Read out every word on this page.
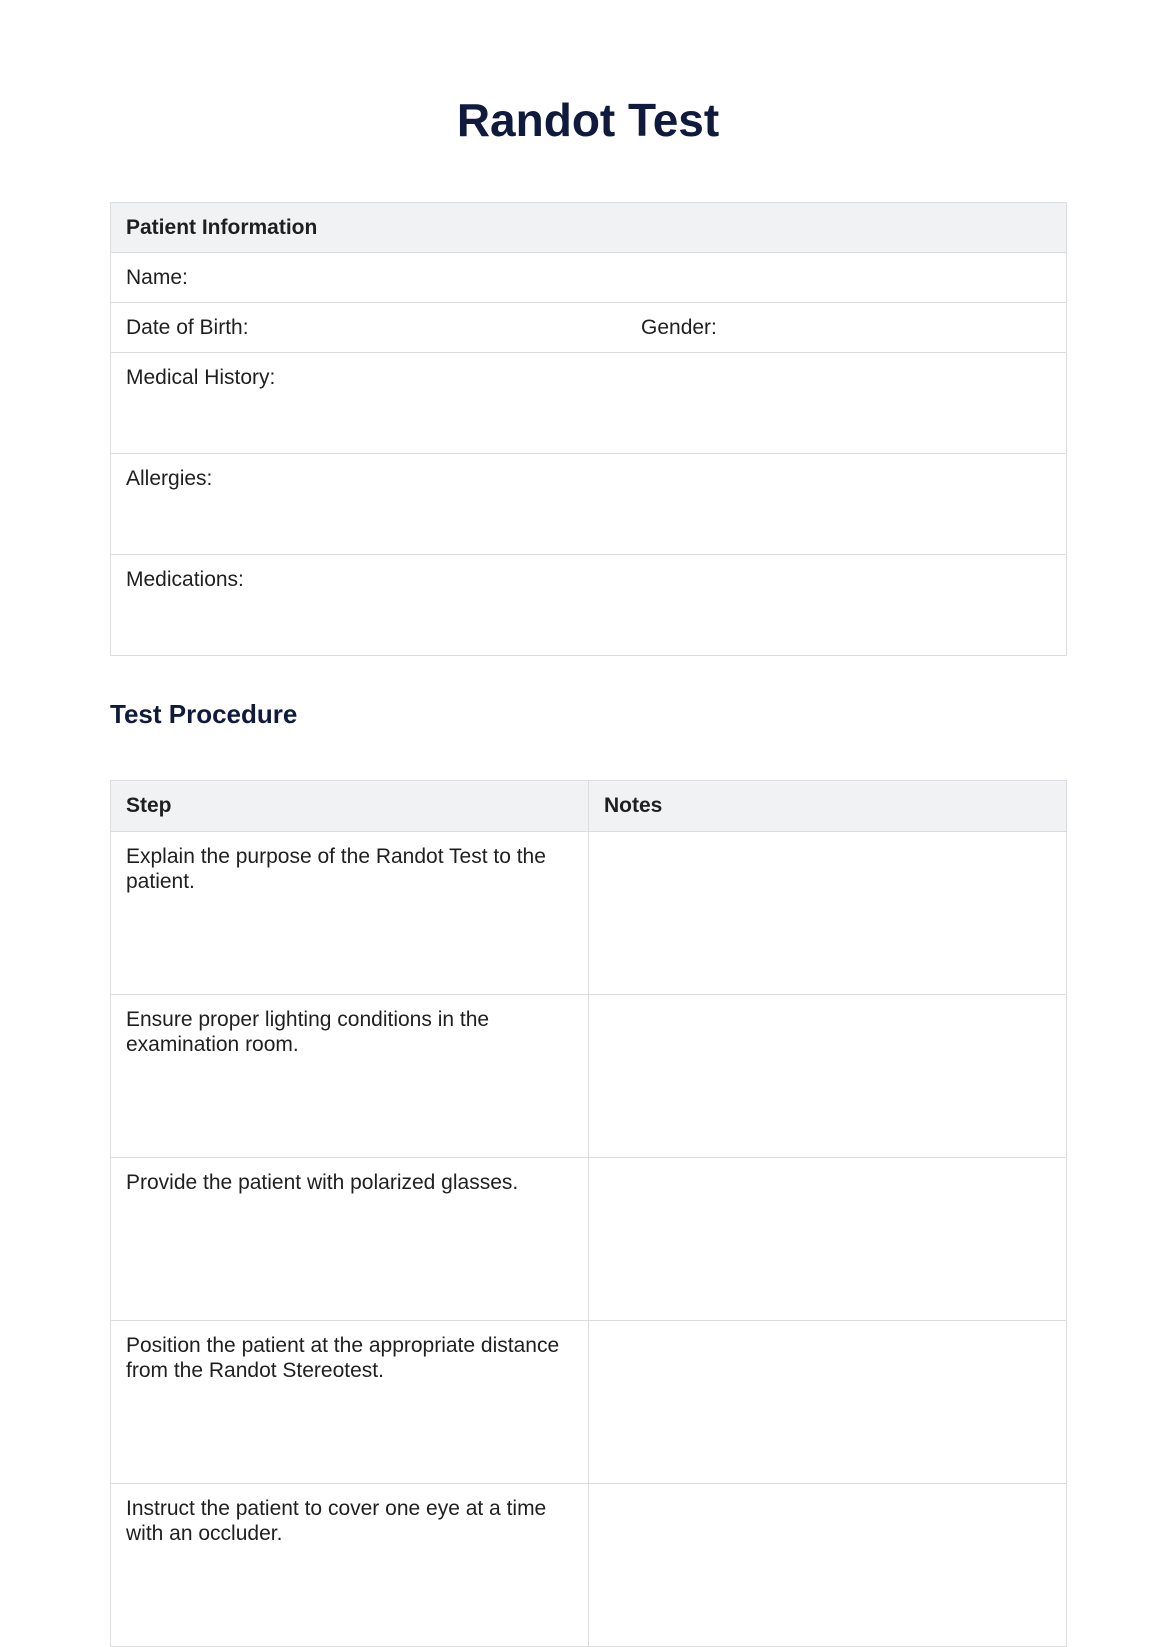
Randot Test
Patient Information
Name:
Date of Birth:	Gender:

Medical History:
Allergies:
Medications:
Test Procedure
Step	Notes
Explain the purpose of the Randot Test to the patient.	
Ensure proper lighting conditions in the examination room.	
Provide the patient with polarized glasses.	
Position the patient at the appropriate distance from the Randot Stereotest.	
Instruct the patient to cover one eye at a time with an occluder.	
